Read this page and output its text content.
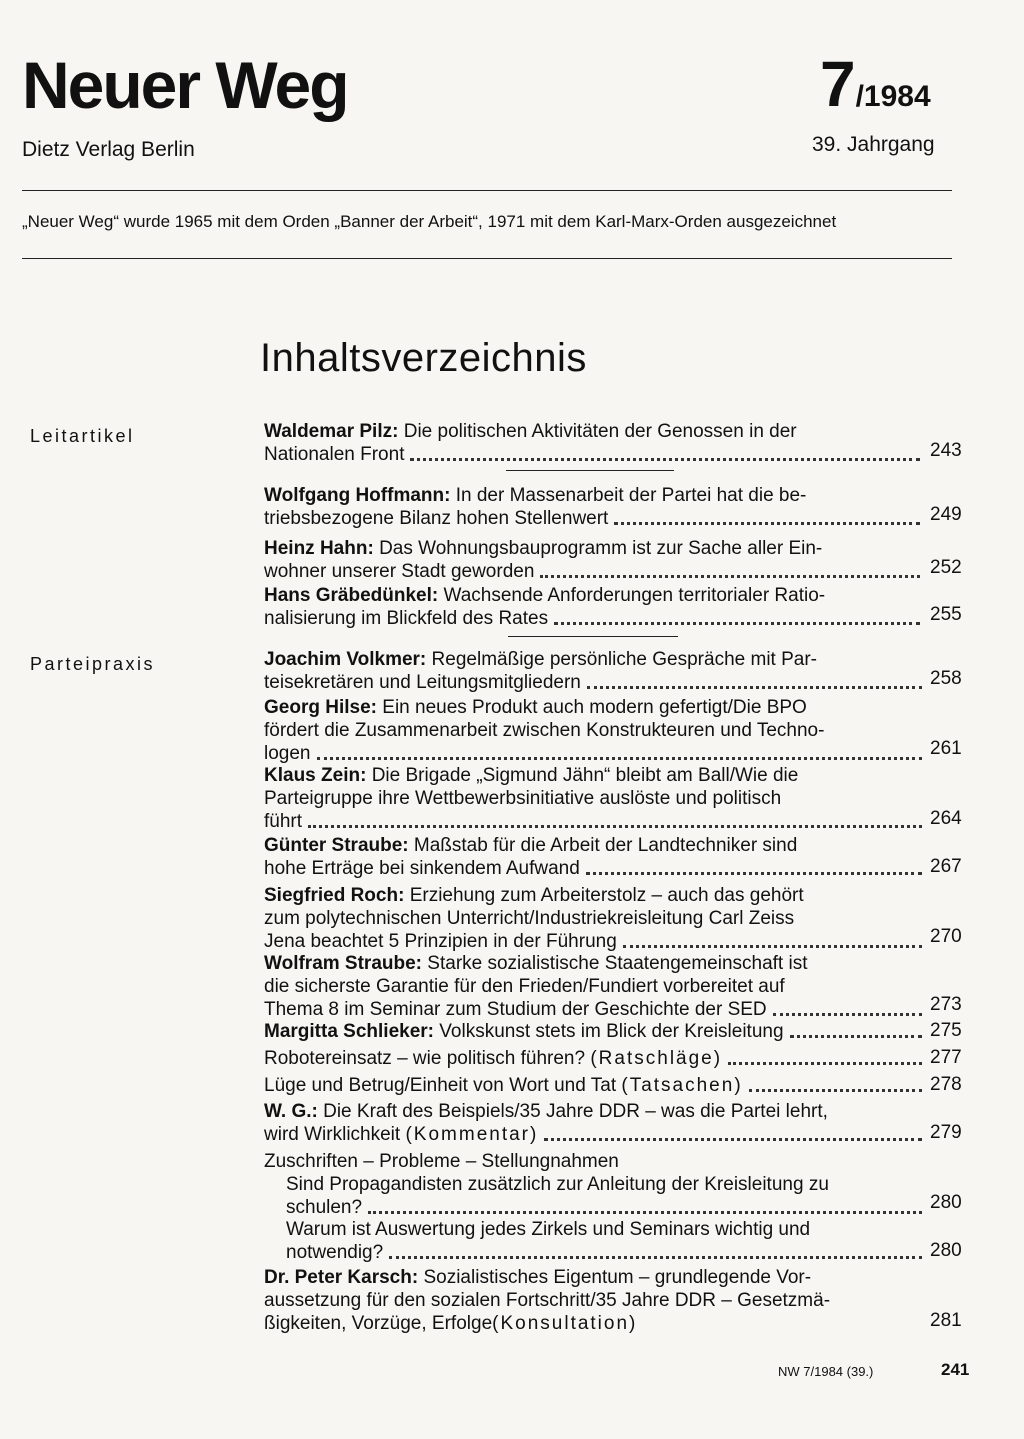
Neuer Weg
Dietz Verlag Berlin
7/1984
39. Jahrgang
„Neuer Weg“ wurde 1965 mit dem Orden „Banner der Arbeit“, 1971 mit dem Karl-Marx-Orden ausgezeichnet
Inhaltsverzeichnis
Leitartikel
Parteipraxis
Waldemar Pilz: Die politischen Aktivitäten der Genossen in der
Nationalen Front	243
Wolfgang Hoffmann: In der Massenarbeit der Partei hat die be-
triebsbezogene Bilanz hohen Stellenwert	249
Heinz Hahn: Das Wohnungsbauprogramm ist zur Sache aller Ein-
wohner unserer Stadt geworden	252
Hans Gräbedünkel: Wachsende Anforderungen territorialer Ratio-
nalisierung im Blickfeld des Rates	255
Joachim Volkmer: Regelmäßige persönliche Gespräche mit Par-
teisekretären und Leitungsmitgliedern	258
Georg Hilse: Ein neues Produkt auch modern gefertigt/Die BPO
fördert die Zusammenarbeit zwischen Konstrukteuren und Techno-
logen	261
Klaus Zein: Die Brigade „Sigmund Jähn“ bleibt am Ball/Wie die
Parteigruppe ihre Wettbewerbsinitiative auslöste und politisch
führt	264
Günter Straube: Maßstab für die Arbeit der Landtechniker sind
hohe Erträge bei sinkendem Aufwand	267
Siegfried Roch: Erziehung zum Arbeiterstolz – auch das gehört
zum polytechnischen Unterricht/Industriekreisleitung Carl Zeiss
Jena beachtet 5 Prinzipien in der Führung	270
Wolfram Straube: Starke sozialistische Staatengemeinschaft ist
die sicherste Garantie für den Frieden/Fundiert vorbereitet auf
Thema 8 im Seminar zum Studium der Geschichte der SED	273
Margitta Schlieker: Volkskunst stets im Blick der Kreisleitung	275
Robotereinsatz – wie politisch führen? (Ratschläge)	277
Lüge und Betrug/Einheit von Wort und Tat (Tatsachen)	278
W. G.: Die Kraft des Beispiels/35 Jahre DDR – was die Partei lehrt,
wird Wirklichkeit (Kommentar)	279
Zuschriften – Probleme – Stellungnahmen
Sind Propagandisten zusätzlich zur Anleitung der Kreisleitung zu
schulen?	280
Warum ist Auswertung jedes Zirkels und Seminars wichtig und
notwendig?	280
Dr. Peter Karsch: Sozialistisches Eigentum – grundlegende Vor-
aussetzung für den sozialen Fortschritt/35 Jahre DDR – Gesetzmä-
ßigkeiten, Vorzüge, Erfolge(Konsultation)	281
NW 7/1984 (39.)	241
